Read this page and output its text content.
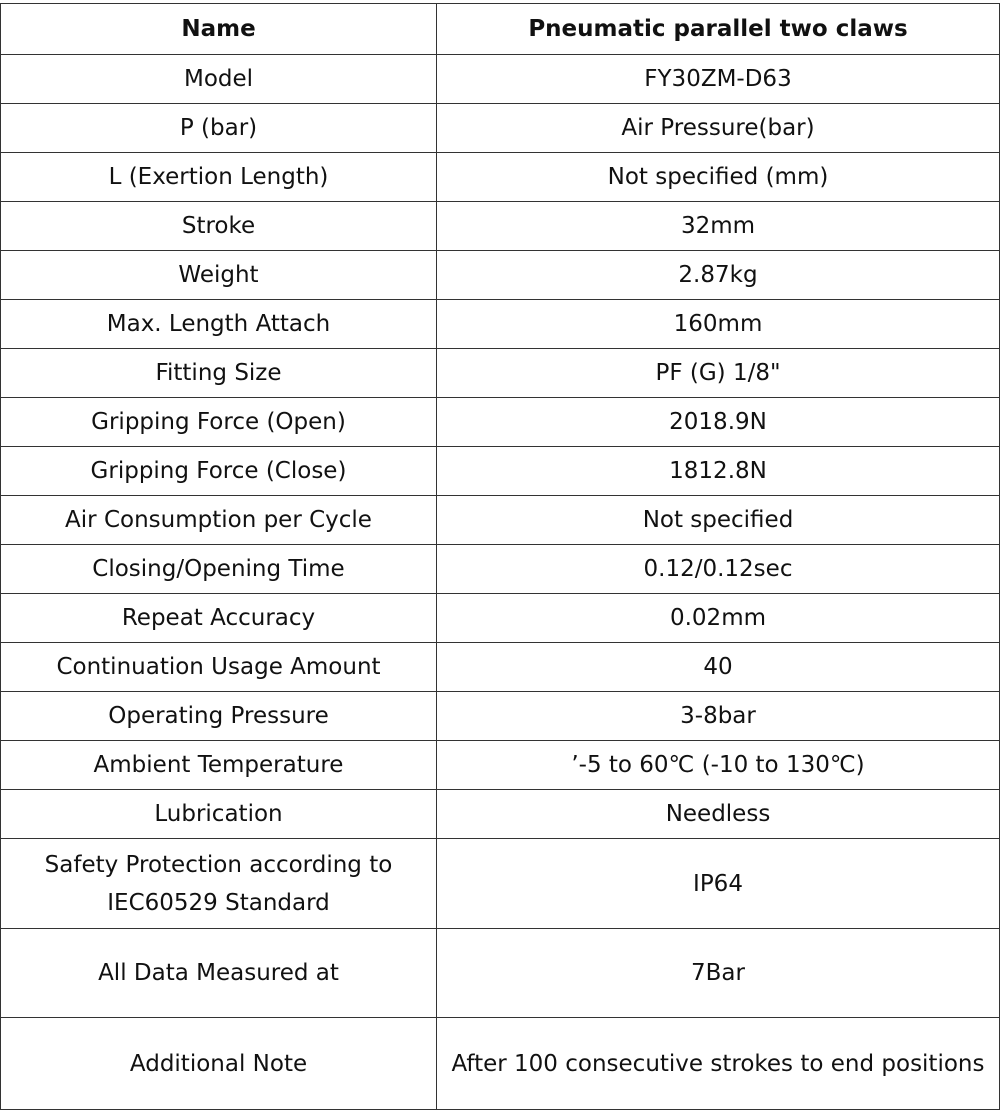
Name	Pneumatic parallel two claws
Model	FY30ZM-D63
P (bar)	Air Pressure(bar)
L (Exertion Length)	Not specified (mm)
Stroke	32mm
Weight	2.87kg
Max. Length Attach	160mm
Fitting Size	PF (G) 1/8"
Gripping Force (Open)	2018.9N
Gripping Force (Close)	1812.8N
Air Consumption per Cycle	Not specified
Closing/Opening Time	0.12/0.12sec
Repeat Accuracy	0.02mm
Continuation Usage Amount	40
Operating Pressure	3-8bar
Ambient Temperature	’-5 to 60℃ (-10 to 130℃)
Lubrication	Needless
Safety Protection according to IEC60529 Standard	IP64
All Data Measured at	7Bar
Additional Note	After 100 consecutive strokes to end positions
